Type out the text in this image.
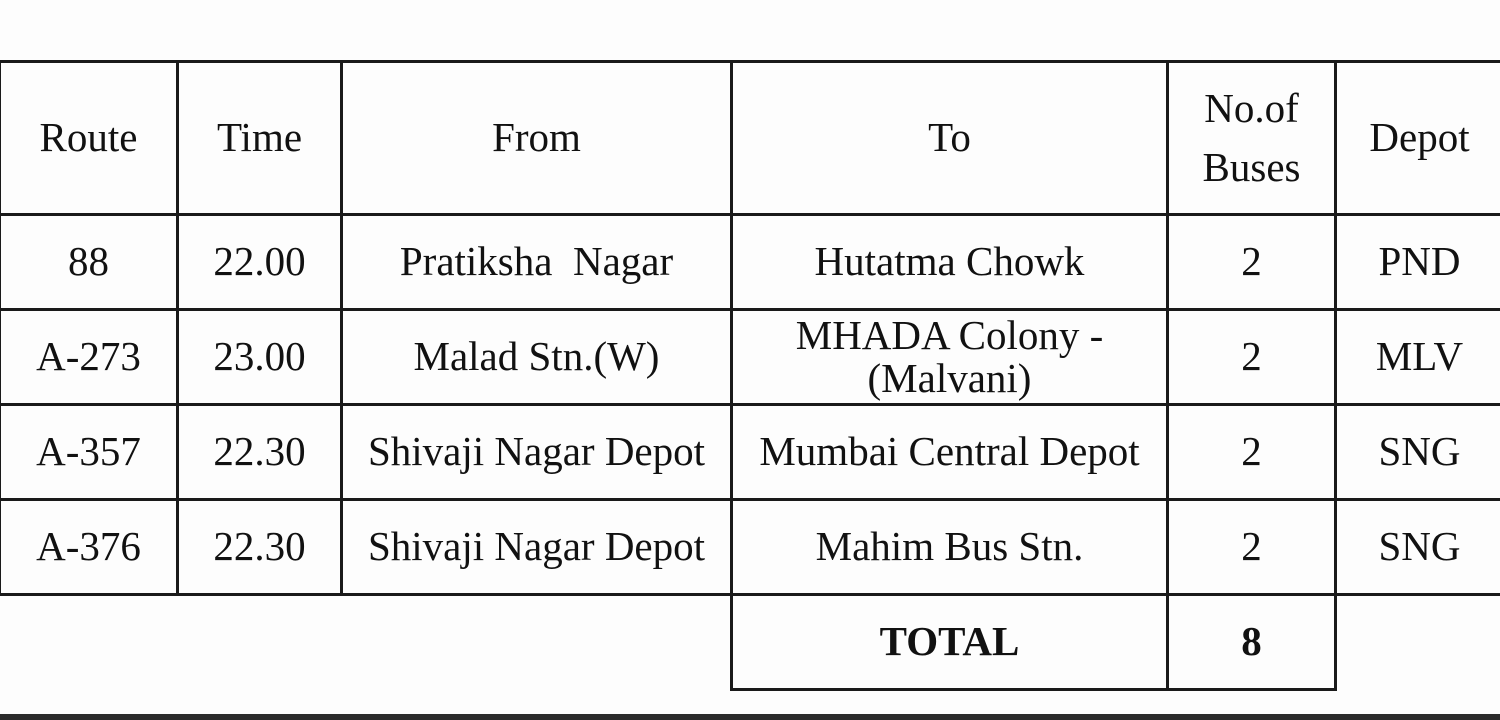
Route	Time	From	To	No.of Buses	Depot
88	22.00	Pratiksha  Nagar	Hutatma Chowk	2	PND
A-273	23.00	Malad Stn.(W)	MHADA Colony - (Malvani)	2	MLV
A-357	22.30	Shivaji Nagar Depot	Mumbai Central Depot	2	SNG
A-376	22.30	Shivaji Nagar Depot	Mahim Bus Stn.	2	SNG
			TOTAL	8	
